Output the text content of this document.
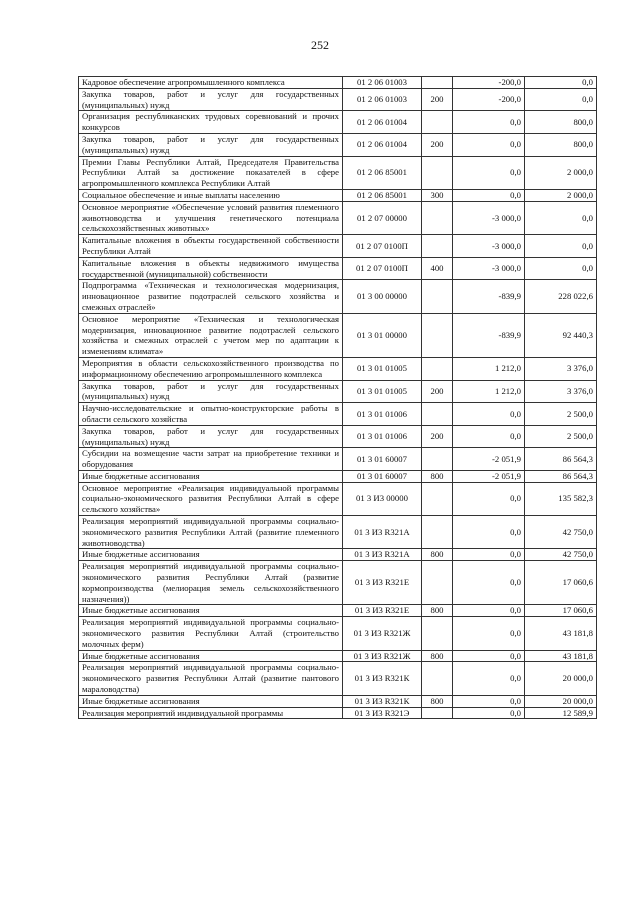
252
Кадровое обеспечение агропромышленного комплекса	01 2 06 01003		-200,0	0,0
Закупка товаров, работ и услуг для государственных (муниципальных) нужд	01 2 06 01003	200	-200,0	0,0
Организация республиканских трудовых соревнований и прочих конкурсов	01 2 06 01004		0,0	800,0
Закупка товаров, работ и услуг для государственных (муниципальных) нужд	01 2 06 01004	200	0,0	800,0
Премии Главы Республики Алтай, Председателя Правительства Республики Алтай за достижение показателей в сфере агропромышленного комплекса Республики Алтай	01 2 06 85001		0,0	2 000,0
Социальное обеспечение и иные выплаты населению	01 2 06 85001	300	0,0	2 000,0
Основное мероприятие «Обеспечение условий развития племенного животноводства и улучшения генетического потенциала сельскохозяйственных животных»	01 2 07 00000		-3 000,0	0,0
Капитальные вложения в объекты государственной собственности Республики Алтай	01 2 07 0100П		-3 000,0	0,0
Капитальные вложения в объекты недвижимого имущества государственной (муниципальной) собственности	01 2 07 0100П	400	-3 000,0	0,0
Подпрограмма «Техническая и технологическая модернизация, инновационное развитие подотраслей сельского хозяйства и смежных отраслей»	01 3 00 00000		-839,9	228 022,6
Основное мероприятие «Техническая и технологическая модернизация, инновационное развитие подотраслей сельского хозяйства и смежных отраслей с учетом мер по адаптации к изменениям климата»	01 3 01 00000		-839,9	92 440,3
Мероприятия в области сельскохозяйственного производства по информационному обеспечению агропромышленного комплекса	01 3 01 01005		1 212,0	3 376,0
Закупка товаров, работ и услуг для государственных (муниципальных) нужд	01 3 01 01005	200	1 212,0	3 376,0
Научно-исследовательские и опытно-конструкторские работы в области сельского хозяйства	01 3 01 01006		0,0	2 500,0
Закупка товаров, работ и услуг для государственных (муниципальных) нужд	01 3 01 01006	200	0,0	2 500,0
Субсидии на возмещение части затрат на приобретение техники и оборудования	01 3 01 60007		-2 051,9	86 564,3
Иные бюджетные ассигнования	01 3 01 60007	800	-2 051,9	86 564,3
Основное мероприятие «Реализация индивидуальной программы социально-экономического развития Республики Алтай в сфере сельского хозяйства»	01 3 И3 00000		0,0	135 582,3
Реализация мероприятий индивидуальной программы социально-экономического развития Республики Алтай (развитие племенного животноводства)	01 3 И3 R321А		0,0	42 750,0
Иные бюджетные ассигнования	01 3 И3 R321А	800	0,0	42 750,0
Реализация мероприятий индивидуальной программы социально-экономического развития Республики Алтай (развитие кормопроизводства (мелиорация земель сельскохозяйственного назначения))	01 3 И3 R321Е		0,0	17 060,6
Иные бюджетные ассигнования	01 3 И3 R321Е	800	0,0	17 060,6
Реализация мероприятий индивидуальной программы социально-экономического развития Республики Алтай (строительство молочных ферм)	01 3 И3 R321Ж		0,0	43 181,8
Иные бюджетные ассигнования	01 3 И3 R321Ж	800	0,0	43 181,8
Реализация мероприятий индивидуальной программы социально-экономического развития Республики Алтай (развитие пантового мараловодства)	01 3 И3 R321К		0,0	20 000,0
Иные бюджетные ассигнования	01 3 И3 R321К	800	0,0	20 000,0
Реализация мероприятий индивидуальной программы	01 3 И3 R321Э		0,0	12 589,9
